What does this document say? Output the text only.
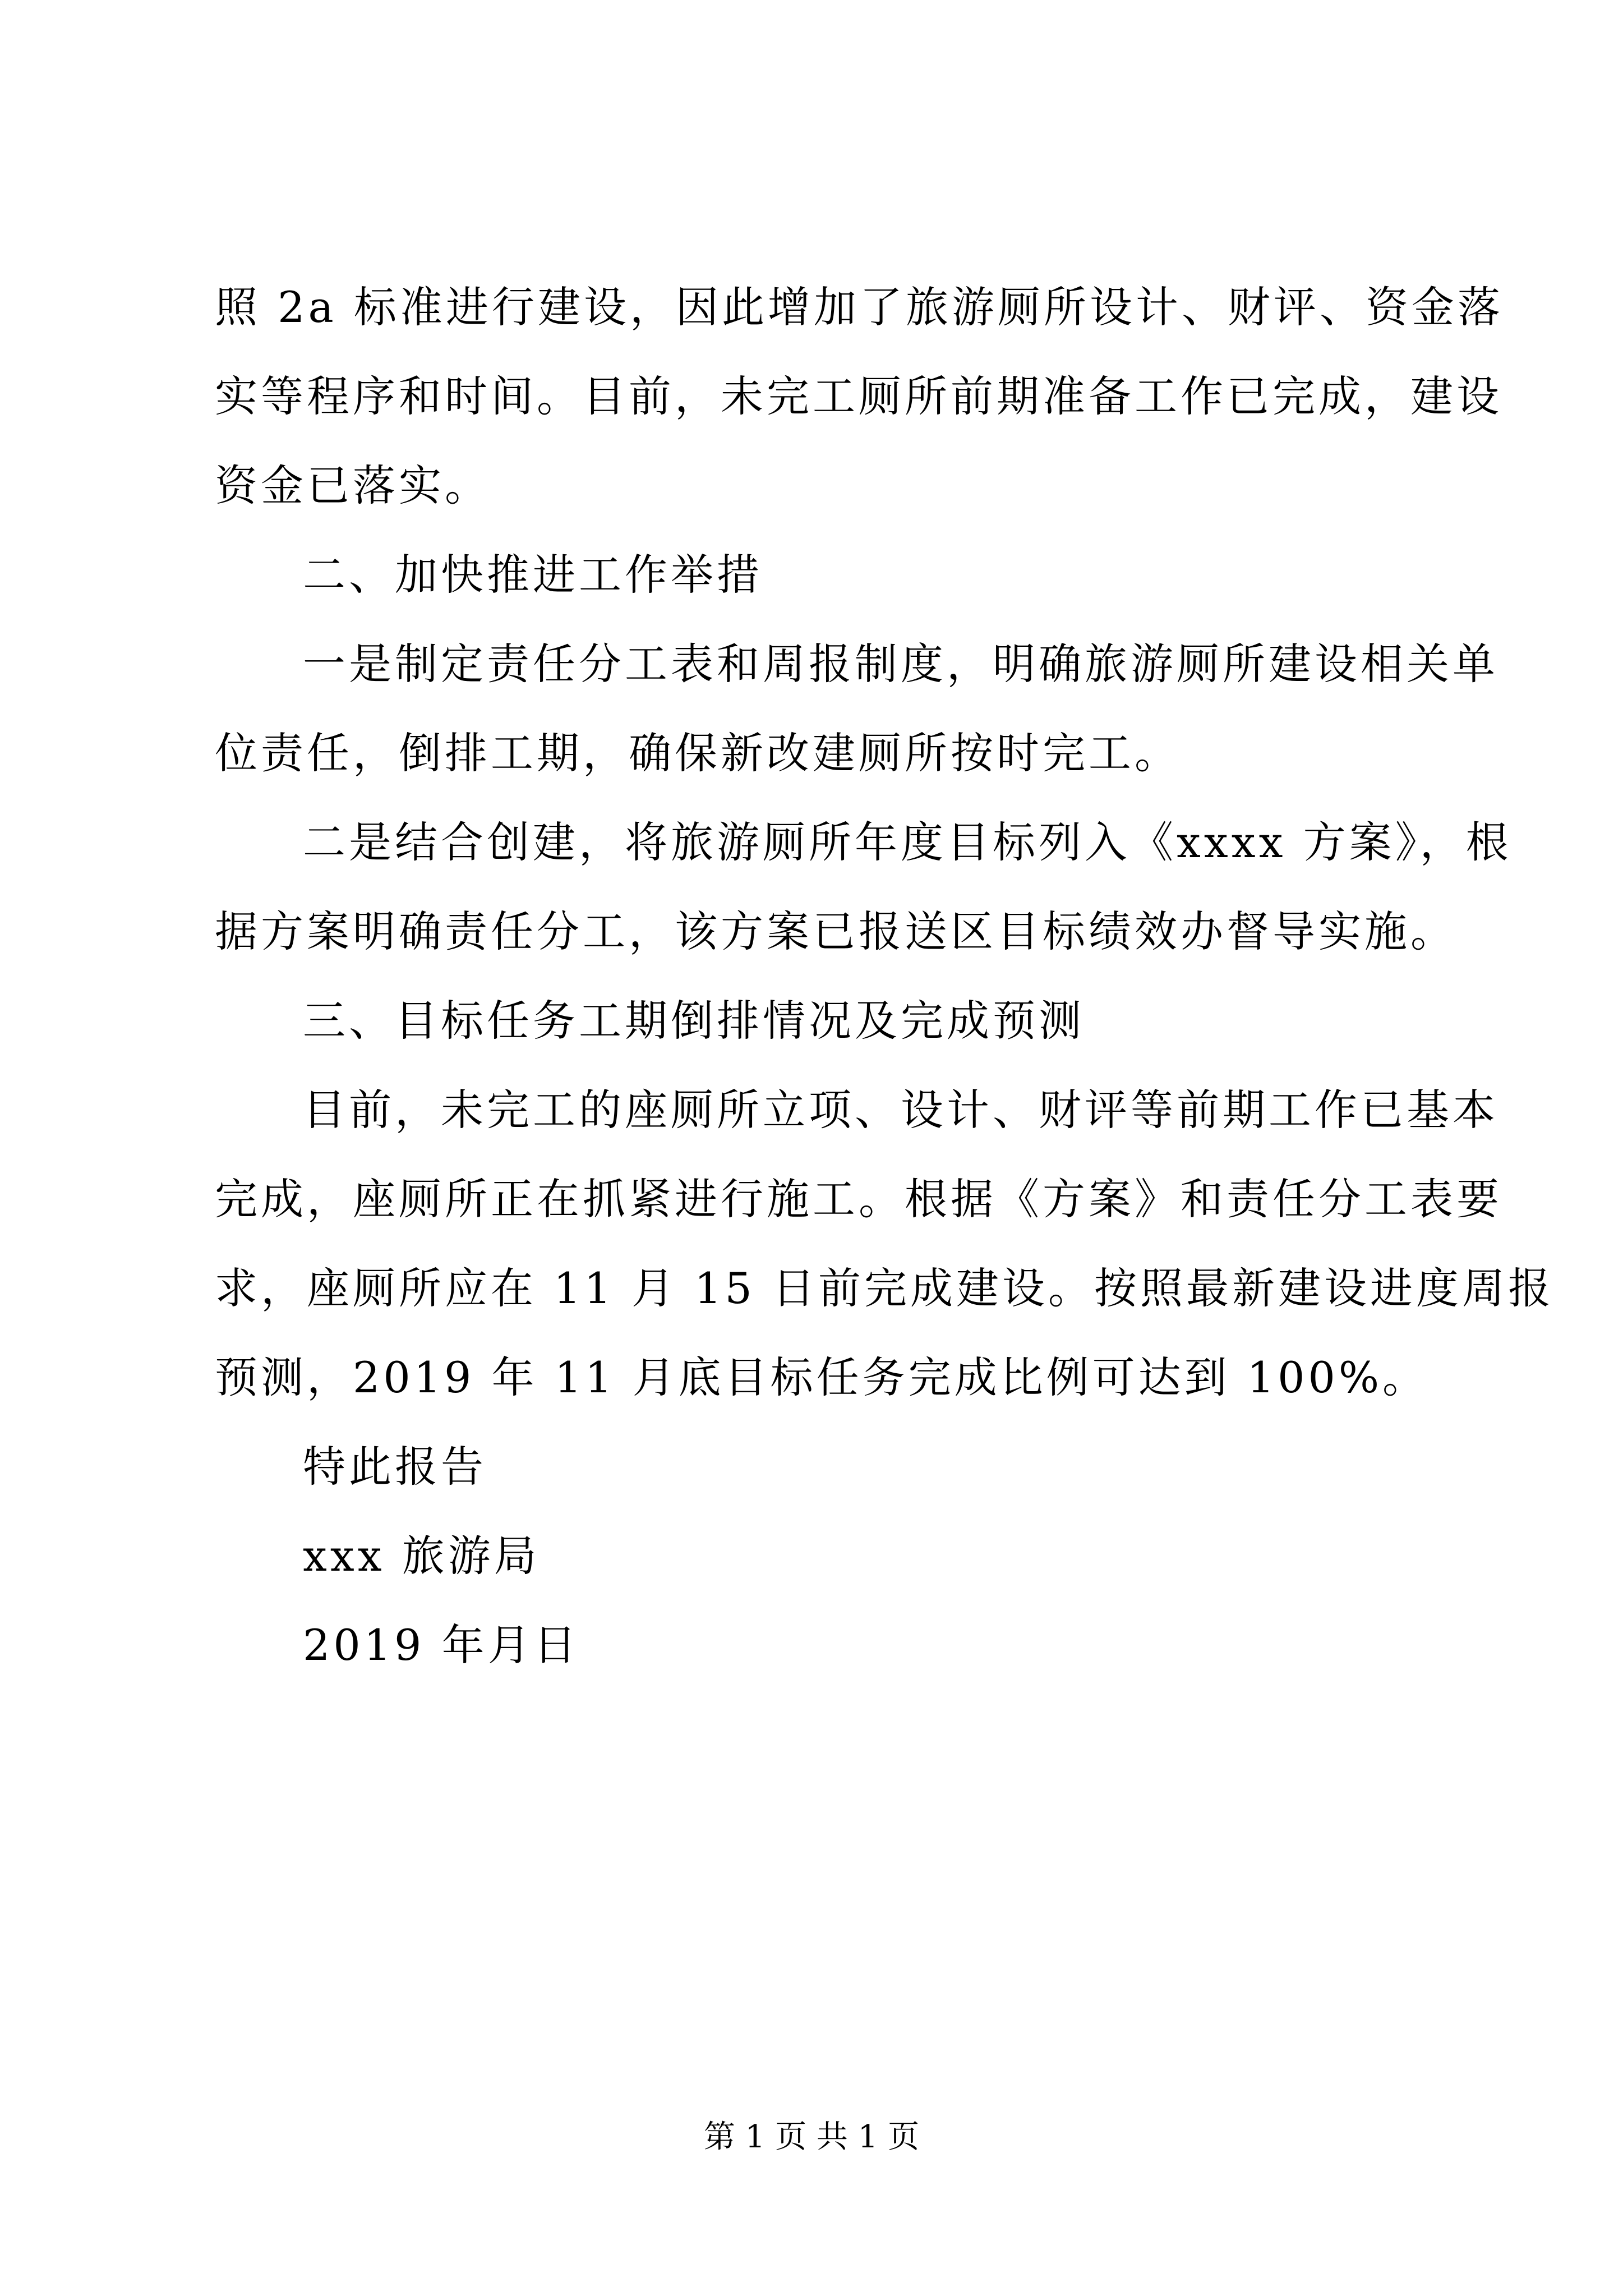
照 2a 标准进行建设，因此增加了旅游厕所设计、财评、资金落
实等程序和时间。目前，未完工厕所前期准备工作已完成，建设
资金已落实。
二、加快推进工作举措
一是制定责任分工表和周报制度，明确旅游厕所建设相关单
位责任，倒排工期，确保新改建厕所按时完工。
二是结合创建，将旅游厕所年度目标列入《xxxx 方案》，根
据方案明确责任分工，该方案已报送区目标绩效办督导实施。
三、目标任务工期倒排情况及完成预测
目前，未完工的座厕所立项、设计、财评等前期工作已基本
完成，座厕所正在抓紧进行施工。根据《方案》和责任分工表要
求，座厕所应在 11 月 15 日前完成建设。按照最新建设进度周报
预测，2019 年 11 月底目标任务完成比例可达到 100%。
特此报告
xxx 旅游局
2019 年月日
第 1 页 共 1 页
